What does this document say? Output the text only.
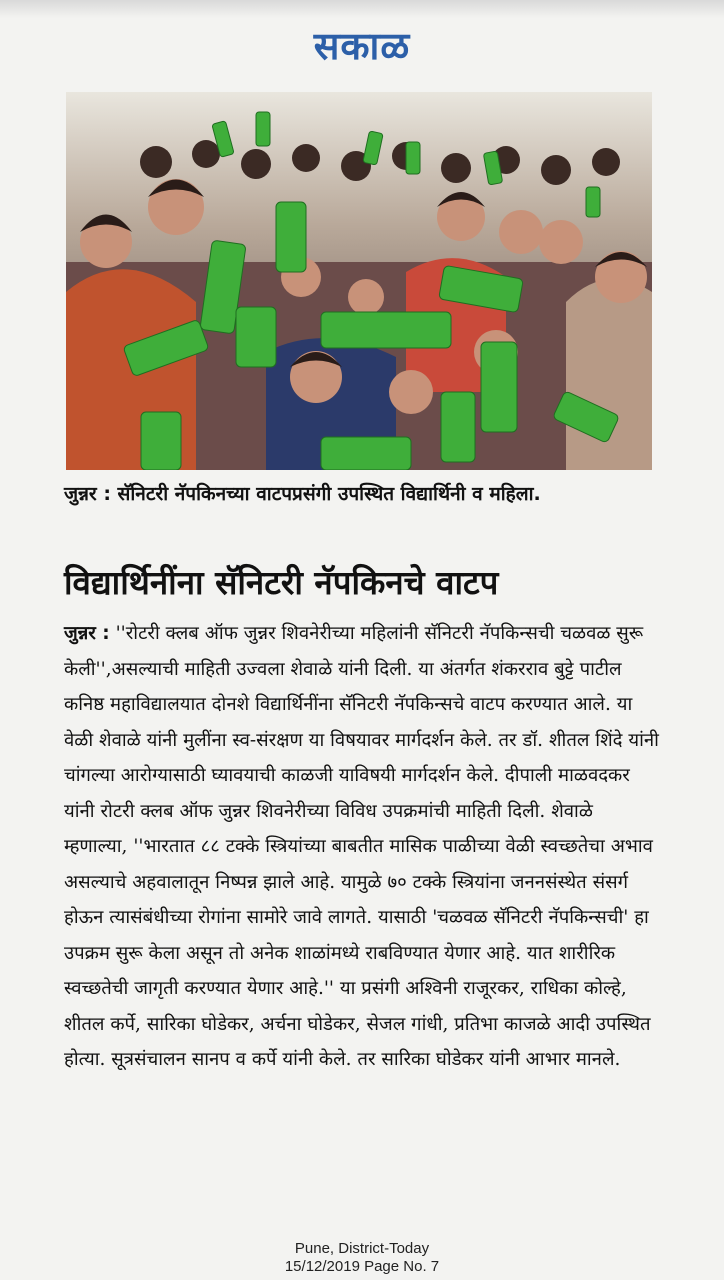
सकाळ
जुन्नर : सॅनिटरी नॅपकिनच्या वाटपप्रसंगी उपस्थित विद्यार्थिनी व महिला.
विद्यार्थिनींना सॅनिटरी नॅपकिनचे वाटप
जुन्नर : ''रोटरी क्लब ऑफ जुन्नर शिवनेरीच्या महिलांनी सॅनिटरी नॅपकिन्सची चळवळ सुरू केली'',असल्याची माहिती उज्वला शेवाळे यांनी दिली. या अंतर्गत शंकरराव बुट्टे पाटील कनिष्ठ महाविद्यालयात दोनशे विद्यार्थिनींना सॅनिटरी नॅपकिन्सचे वाटप करण्यात आले. या वेळी शेवाळे यांनी मुलींना स्व-संरक्षण या विषयावर मार्गदर्शन केले. तर डॉ. शीतल शिंदे यांनी चांगल्या आरोग्यासाठी घ्यावयाची काळजी याविषयी मार्गदर्शन केले. दीपाली माळवदकर यांनी रोटरी क्लब ऑफ जुन्नर शिवनेरीच्या विविध उपक्रमांची माहिती दिली. शेवाळे म्हणाल्या, ''भारतात ८८ टक्के स्त्रियांच्या बाबतीत मासिक पाळीच्या वेळी स्वच्छतेचा अभाव असल्याचे अहवालातून निष्पन्न झाले आहे. यामुळे ७० टक्के स्त्रियांना जननसंस्थेत संसर्ग होऊन त्यासंबंधीच्या रोगांना सामोरे जावे लागते. यासाठी 'चळवळ सॅनिटरी नॅपकिन्सची' हा उपक्रम सुरू केला असून तो अनेक शाळांमध्ये राबविण्यात येणार आहे. यात शारीरिक स्वच्छतेची जागृती करण्यात येणार आहे.'' या प्रसंगी अश्विनी राजूरकर, राधिका कोल्हे, शीतल कर्पे, सारिका घोडेकर, अर्चना घोडेकर, सेजल गांधी, प्रतिभा काजळे आदी उपस्थित होत्या. सूत्रसंचालन सानप व कर्पे यांनी केले. तर सारिका घोडेकर यांनी आभार मानले.
Pune, District-Today
15/12/2019 Page No. 7
